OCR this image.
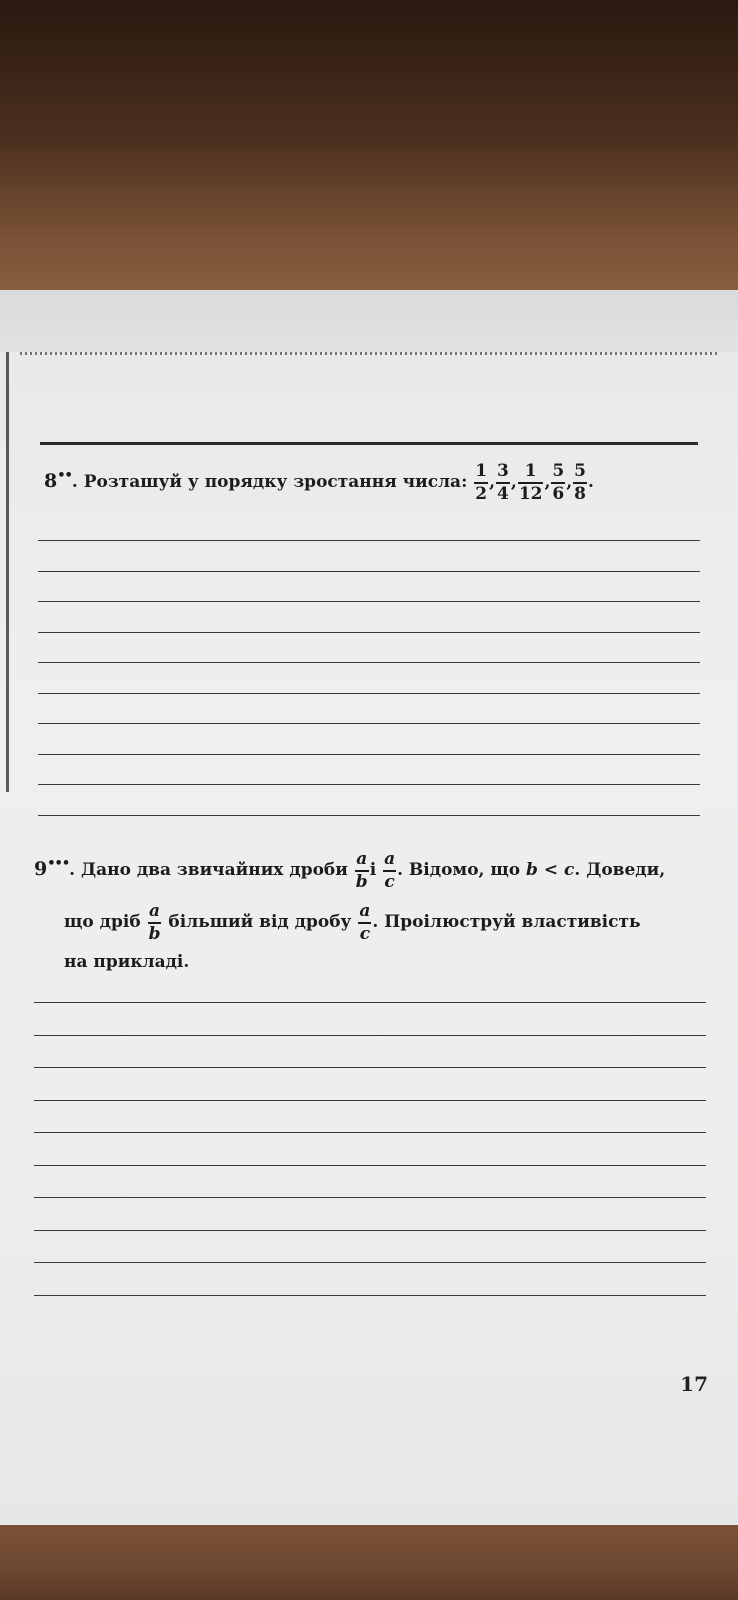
8••. Розташуй у порядку зростання числа: $\frac{1}{2}$ , $\frac{3}{4}$ , $\frac{1}{12}$ , $\frac{5}{6}$ , $\frac{5}{8}$ .
9•••. Дано два звичайних дроби $\frac{a}{b}$ і $\frac{a}{c}$ . Відомо, що b < c. Доведи,
що дріб $\frac{a}{b}$ більший від дробу $\frac{a}{c}$ . Проілюструй властивість
на прикладі.
17
